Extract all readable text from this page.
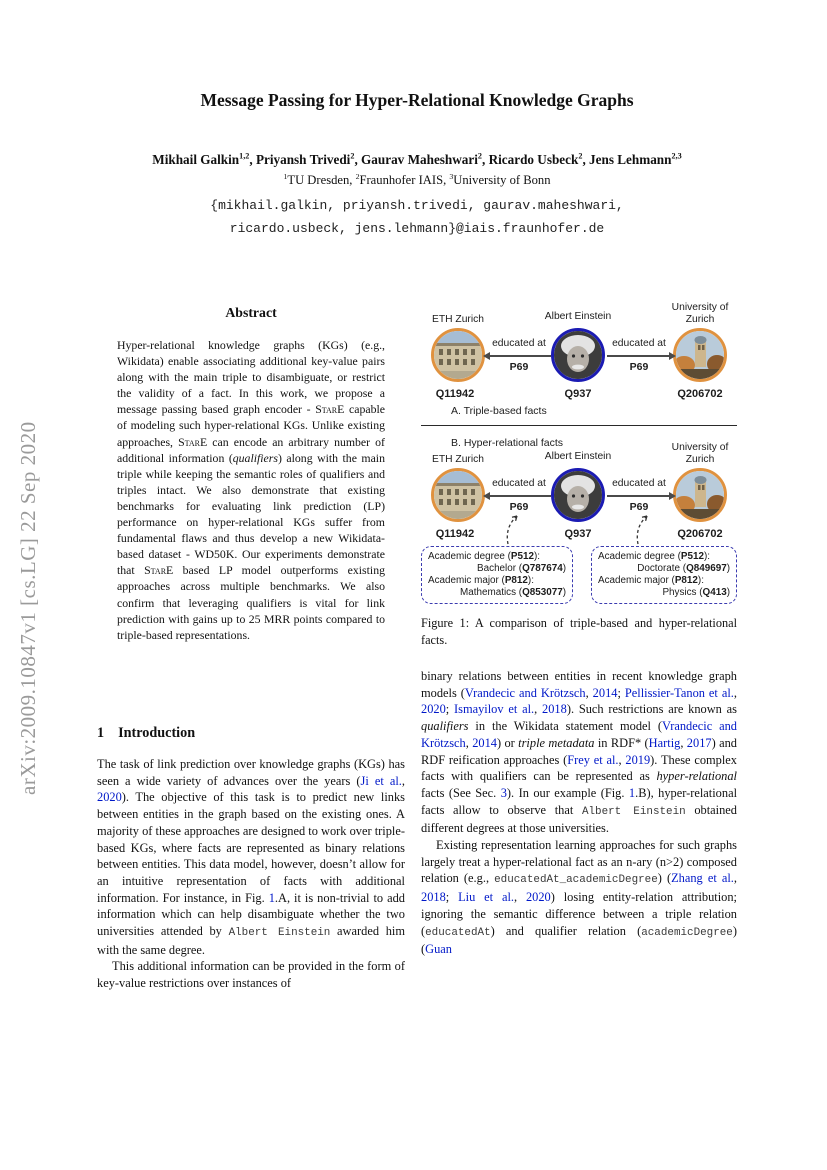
arXiv:2009.10847v1 [cs.LG] 22 Sep 2020
Message Passing for Hyper-Relational Knowledge Graphs
Mikhail Galkin$^{1,2}$, Priyansh Trivedi$^2$, Gaurav Maheshwari$^2$, Ricardo Usbeck$^2$, Jens Lehmann$^{2,3}$
$^1$TU Dresden, $^2$Fraunhofer IAIS, $^3$University of Bonn
{mikhail.galkin, priyansh.trivedi, gaurav.maheshwari,
ricardo.usbeck, jens.lehmann}@iais.fraunhofer.de
Abstract

Hyper-relational knowledge graphs (KGs) (e.g., Wikidata) enable associating additional key-value pairs along with the main triple to disambiguate, or restrict the validity of a fact. In this work, we propose a message passing based graph encoder - StarE capable of modeling such hyper-relational KGs. Unlike existing approaches, StarE can encode an arbitrary number of additional information (qualifiers) along with the main triple while keeping the semantic roles of qualifiers and triples intact. We also demonstrate that existing benchmarks for evaluating link prediction (LP) performance on hyper-relational KGs suffer from fundamental flaws and thus develop a new Wikidata-based dataset - WD50K. Our experiments demonstrate that StarE based LP model outperforms existing approaches across multiple benchmarks. We also confirm that leveraging qualifiers is vital for link prediction with gains up to 25 MRR points compared to triple-based representations.

1 Introduction

The task of link prediction over knowledge graphs (KGs) has seen a wide variety of advances over the years (Ji et al., 2020). The objective of this task is to predict new links between entities in the graph based on the existing ones. A majority of these approaches are designed to work over triple-based KGs, where facts are represented as binary relations between entities. This data model, however, doesn’t allow for an intuitive representation of facts with additional information. For instance, in Fig. 1.A, it is non-trivial to add information which can help disambiguate whether the two universities attended by Albert Einstein awarded him with the same degree.

This additional information can be provided in the form of key-value restrictions over instances of

ETH Zurich	Albert Einstein
University of Zurich
educated at
P69
educated at
P69
Q11942	Q937	Q206702
A. Triple-based facts
B. Hyper-relational facts
ETH Zurich	Albert Einstein
University of Zurich
educated at
P69
educated at
P69
Q11942	Q937	Q206702
Academic degree (P512):
Bachelor (Q787674)
Academic major (P812):
Mathematics (Q853077)
Academic degree (P512):
Doctorate (Q849697)
Academic major (P812):
Physics (Q413)
Figure 1: A comparison of triple-based and hyper-relational facts.

binary relations between entities in recent knowledge graph models (Vrandecic and Krötzsch, 2014; Pellissier-Tanon et al., 2020; Ismayilov et al., 2018). Such restrictions are known as qualifiers in the Wikidata statement model (Vrandecic and Krötzsch, 2014) or triple metadata in RDF* (Hartig, 2017) and RDF reification approaches (Frey et al., 2019). These complex facts with qualifiers can be represented as hyper-relational facts (See Sec. 3). In our example (Fig. 1.B), hyper-relational facts allow to observe that Albert Einstein obtained different degrees at those universities.

Existing representation learning approaches for such graphs largely treat a hyper-relational fact as an n-ary (n>2) composed relation (e.g., educatedAt_academicDegree) (Zhang et al., 2018; Liu et al., 2020) losing entity-relation attribution; ignoring the semantic difference between a triple relation (educatedAt) and qualifier relation (academicDegree) (Guan
